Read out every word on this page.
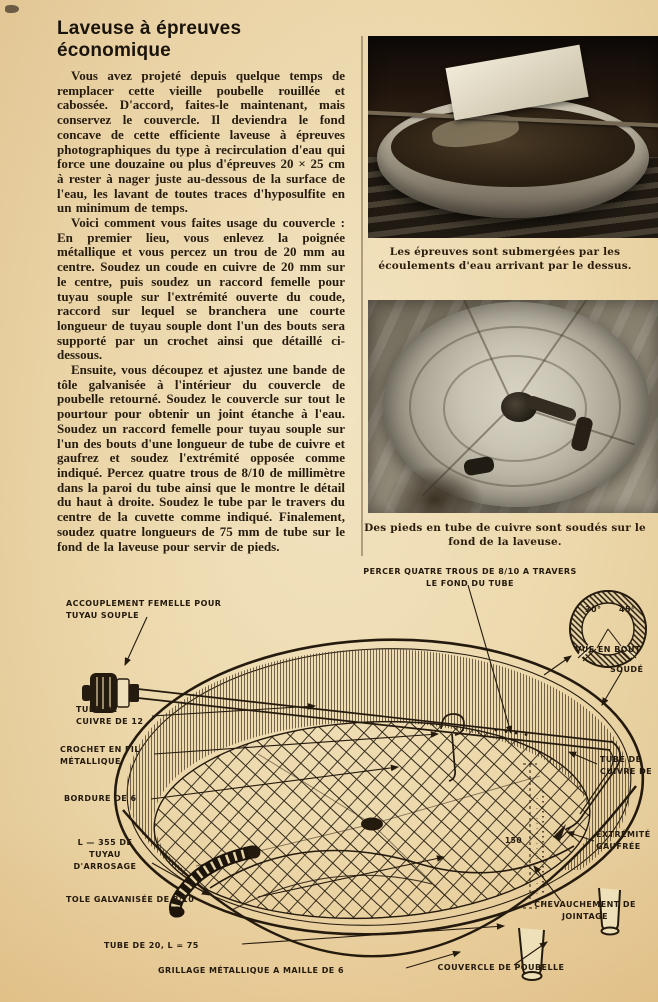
Laveuse à épreuves économique

Vous avez projeté depuis quelque temps de remplacer cette vieille poubelle rouillée et cabossée. D'accord, faites-le maintenant, mais conservez le couvercle. Il deviendra le fond concave de cette efficiente laveuse à épreuves photographiques du type à recirculation d'eau qui force une douzaine ou plus d'épreuves 20 × 25 cm à rester à nager juste au-dessous de la surface de l'eau, les lavant de toutes traces d'hyposulfite en un minimum de temps.

Voici comment vous faites usage du couvercle : En premier lieu, vous enlevez la poignée métallique et vous percez un trou de 20 mm au centre. Soudez un coude en cuivre de 20 mm sur le centre, puis soudez un raccord femelle pour tuyau souple sur l'extrémité ouverte du coude, raccord sur lequel se branchera une courte longueur de tuyau souple dont l'un des bouts sera supporté par un crochet ainsi que détaillé ci-dessous.

Ensuite, vous découpez et ajustez une bande de tôle galvanisée à l'intérieur du couvercle de poubelle retourné. Soudez le couvercle sur tout le pourtour pour obtenir un joint étanche à l'eau. Soudez un raccord femelle pour tuyau souple sur l'un des bouts d'une longueur de tube de cuivre et gaufrez et soudez l'extrémité opposée comme indiqué. Percez quatre trous de 8/10 de millimètre dans la paroi du tube ainsi que le montre le détail du haut à droite. Soudez le tube par le travers du centre de la cuvette comme indiqué. Finalement, soudez quatre longueurs de 75 mm de tube sur le fond de la laveuse pour servir de pieds.

Les épreuves sont submergées par les écoulements d'eau arrivant par le dessus.
Des pieds en tube de cuivre sont soudés sur le fond de la laveuse.
PERCER QUATRE TROUS DE 8/10 A TRAVERS
LE FOND DU TUBE
30° 45°
VUE EN BOUT
SOUDÉ
ACCOUPLEMENT FEMELLE POUR
TUYAU SOUPLE
TUBE DE
CUIVRE DE 12
CROCHET EN FIL
MÉTALLIQUE
BORDURE DE 6
L — 355 DE
TUYAU
D'ARROSAGE
TOLE GALVANISÉE DE 8/10
TUBE DE 20, L = 75
GRILLAGE MÉTALLIQUE A MAILLE DE 6	COUVERCLE DE POUBELLE
TUBE DE
CUIVRE DE
EXTRÉMITÉ
GAUFRÉE
CHEVAUCHEMENT DE
JOINTAGE
150
